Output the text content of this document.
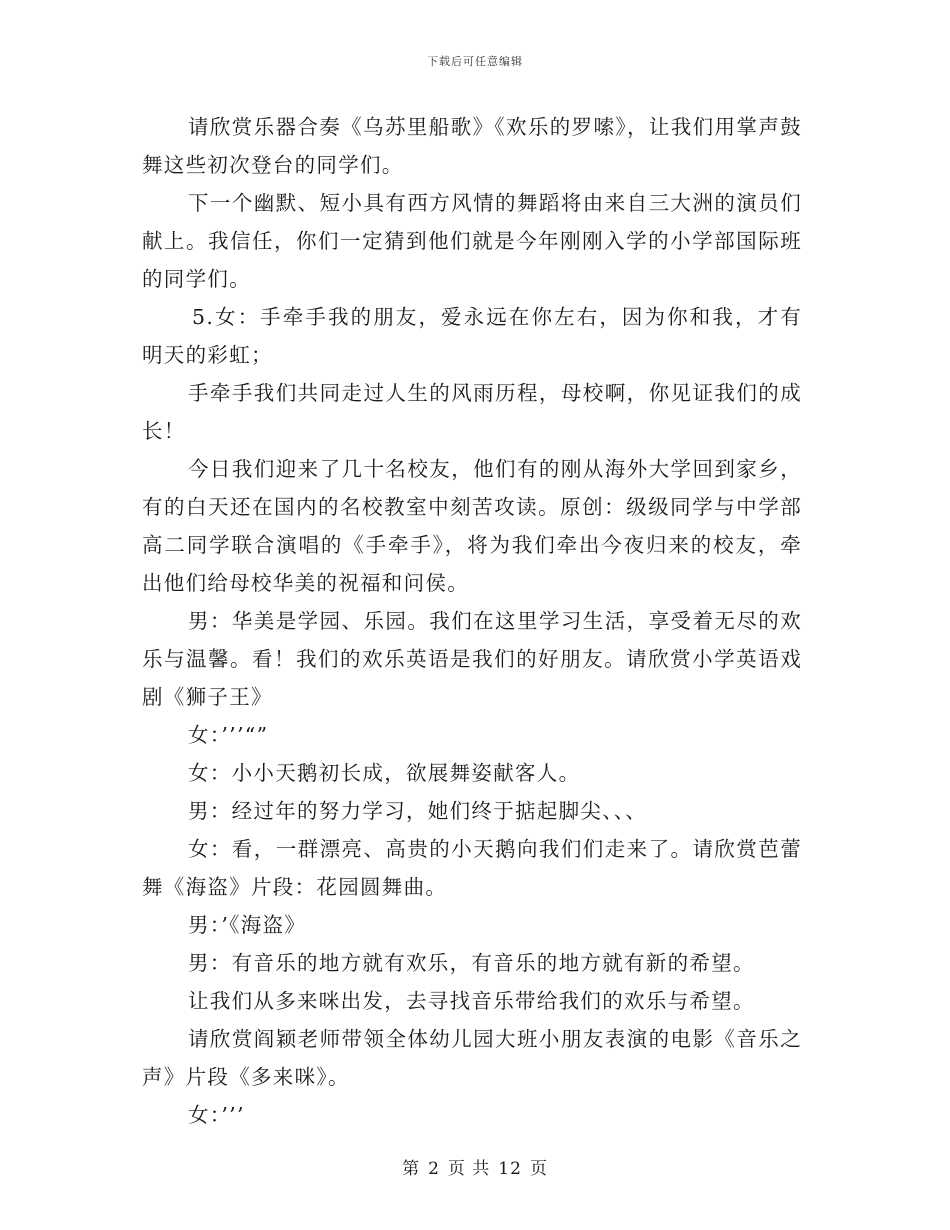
下载后可任意编辑

请欣赏乐器合奏《乌苏里船歌》《欢乐的罗嗦》，让我们用掌声鼓舞这些初次登台的同学们。

下一个幽默、短小具有西方风情的舞蹈将由来自三大洲的演员们献上。我信任，你们一定猜到他们就是今年刚刚入学的小学部国际班的同学们。

5.女：手牵手我的朋友，爱永远在你左右，因为你和我，才有明天的彩虹；

手牵手我们共同走过人生的风雨历程，母校啊，你见证我们的成长！

今日我们迎来了几十名校友，他们有的刚从海外大学回到家乡，有的白天还在国内的名校教室中刻苦攻读。原创：级级同学与中学部高二同学联合演唱的《手牵手》，将为我们牵出今夜归来的校友，牵出他们给母校华美的祝福和问侯。

男：华美是学园、乐园。我们在这里学习生活，享受着无尽的欢乐与温馨。看！我们的欢乐英语是我们的好朋友。请欣赏小学英语戏剧《狮子王》

女：’’’“”

女：小小天鹅初长成，欲展舞姿献客人。

男：经过年的努力学习，她们终于掂起脚尖、、、

女：看，一群漂亮、高贵的小天鹅向我们们走来了。请欣赏芭蕾舞《海盗》片段：花园圆舞曲。

男：’《海盗》

男：有音乐的地方就有欢乐，有音乐的地方就有新的希望。

让我们从多来咪出发，去寻找音乐带给我们的欢乐与希望。

请欣赏阎颖老师带领全体幼儿园大班小朋友表演的电影《音乐之声》片段《多来咪》。

女：’’’

第 2 页 共 12 页
